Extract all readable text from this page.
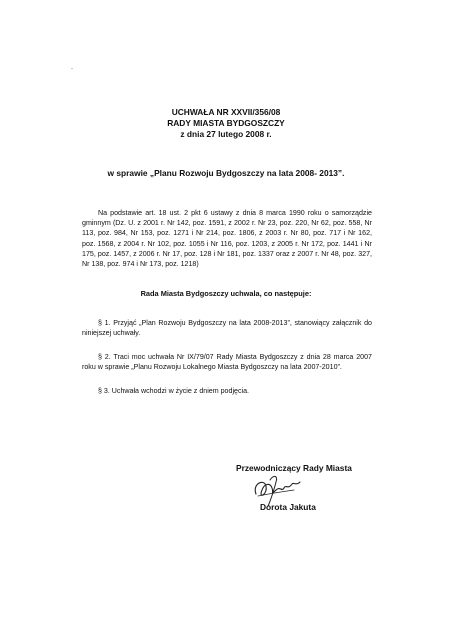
UCHWAŁA NR XXVII/356/08
RADY MIASTA BYDGOSZCZY
z dnia 27 lutego 2008 r.
w sprawie „Planu Rozwoju Bydgoszczy na lata 2008- 2013”.
Na podstawie art. 18 ust. 2 pkt 6 ustawy z dnia 8 marca 1990 roku o samorządzie gminnym (Dz. U. z 2001 r. Nr 142, poz. 1591, z 2002 r. Nr 23, poz. 220, Nr 62, poz. 558, Nr 113, poz. 984, Nr 153, poz. 1271 i Nr 214, poz. 1806, z 2003 r. Nr 80, poz. 717 i Nr 162, poz. 1568, z 2004 r. Nr 102, poz. 1055 i Nr 116, poz. 1203, z 2005 r. Nr 172, poz. 1441 i Nr 175, poz. 1457, z 2006 r. Nr 17, poz. 128 i Nr 181, poz. 1337 oraz z 2007 r. Nr 48, poz. 327, Nr 138, poz. 974 i Nr 173, poz. 1218)
Rada Miasta Bydgoszczy uchwala, co następuje:
§ 1. Przyjąć „Plan Rozwoju Bydgoszczy na lata 2008-2013”, stanowiący załącznik do niniejszej uchwały.
§ 2. Traci moc uchwała Nr IX/79/07 Rady Miasta Bydgoszczy z dnia 28 marca 2007 roku w sprawie „Planu Rozwoju Lokalnego Miasta Bydgoszczy na lata 2007-2010”.
§ 3. Uchwała wchodzi w życie z dniem podjęcia.
Przewodniczący Rady Miasta
Dorota Jakuta
